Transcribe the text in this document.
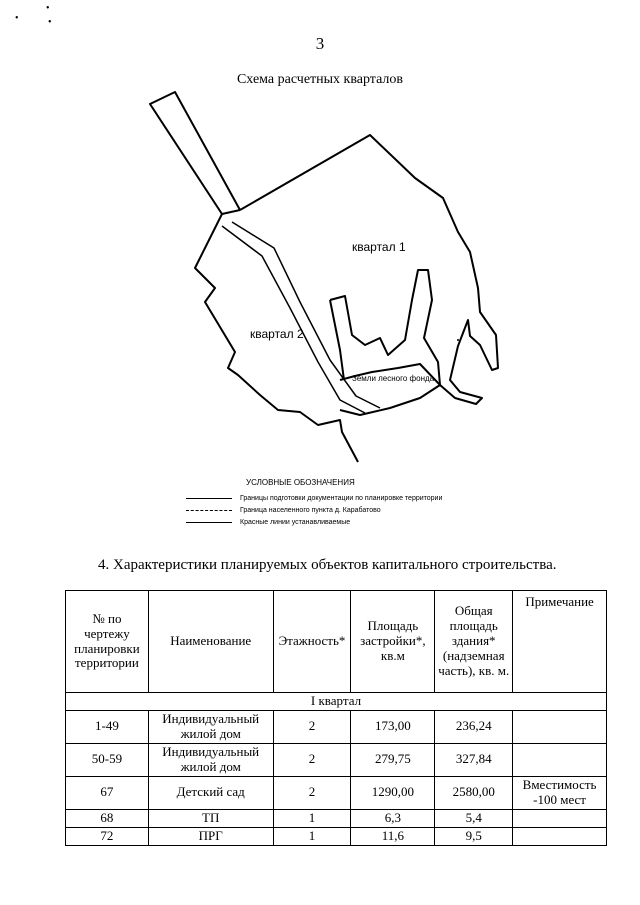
•
•	•
3
Схема расчетных кварталов
квартал 1
квартал 2
Земли лесного фонда
УСЛОВНЫЕ ОБОЗНАЧЕНИЯ
Границы подготовки документации по планировке территории
Граница населенного пункта д. Карабатово
Красные линии устанавливаемые
4. Характеристики планируемых объектов капитального строительства.
№ по чертежу планировки территории	Наименование	Этажность*	Площадь застройки*, кв.м	Общая площадь здания* (надземная часть), кв. м.	Примечание
I квартал					
1-49	Индивидуальный жилой дом	2	173,00	236,24	
50-59	Индивидуальный жилой дом	2	279,75	327,84	
67	Детский сад	2	1290,00	2580,00	Вместимость -100 мест
68	ТП	1	6,3	5,4	
72	ПРГ	1	11,6	9,5	
